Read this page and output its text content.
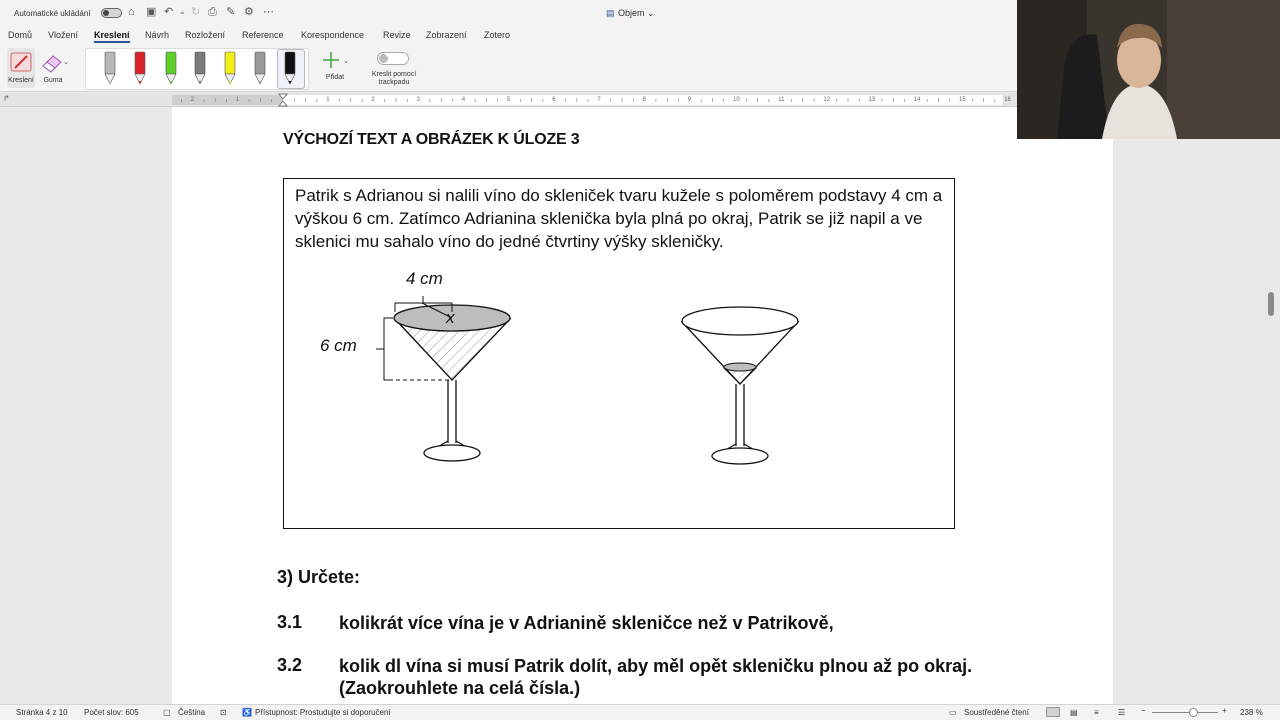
Automatické ukládání	⌂ ▣ ↶ ⌄ ↻ ⎙ ✎ ⚙ ⋯	▤ Objem ⌄
Domů Vložení Kreslení Návrh Rozložení Reference Korespondence Revize Zobrazení Zotero
Kreslení
⌄
Guma
⌄
Přidat	Kreslit pomocí
trackpadu
↱	2	1	1	2	3	4	5	6	7	8	9	10	11	12	13	14	15	16
VÝCHOZÍ TEXT A OBRÁZEK K ÚLOZE 3
Patrik s Adrianou si nalili víno do skleniček tvaru kužele s poloměrem podstavy 4 cm a výškou 6 cm. Zatímco Adrianina sklenička byla plná po okraj, Patrik se již napil a ve sklenici mu sahalo víno do jedné čtvrtiny výšky skleničky.
4 cm
6 cm
x
3) Určete:
3.1 kolikrát více vína je v Adrianině skleničce než v Patrikově,
3.2 kolik dl vína si musí Patrik dolít, aby měl opět skleničku plnou až po okraj. (Zaokrouhlete na celá čísla.)
Stránka 4 z 10 Počet slov: 605	▢ Čeština ⊡ ♿ Přístupnost: Prostudujte si doporučení	▭ Soustředěné čtení	▤ ≡ ☰ −	+ 238 %
